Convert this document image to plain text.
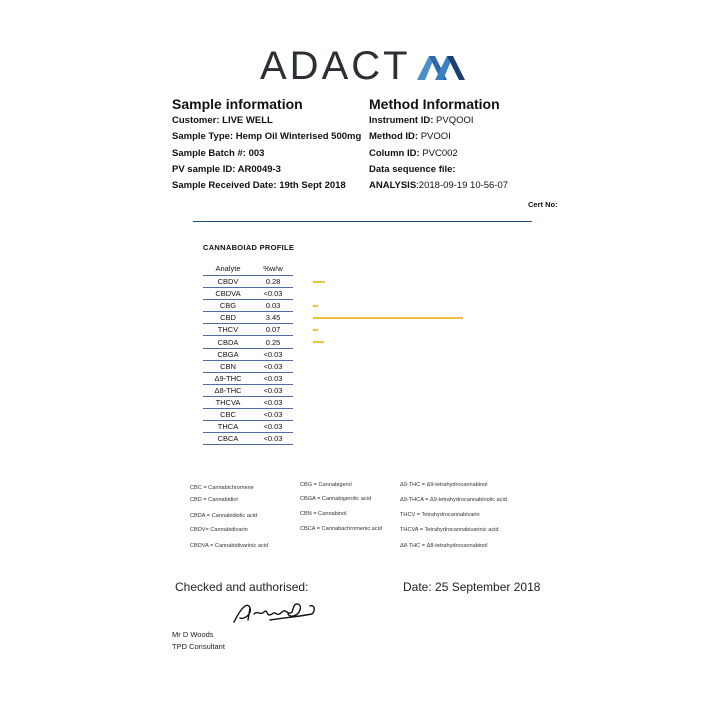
ADACT
Sample information
Customer: LIVE WELL
Sample Type: Hemp Oil Winterised 500mg
Sample Batch #: 003
PV sample ID: AR0049-3
Sample Received Date: 19th Sept 2018
Method Information
Instrument ID: PVQOOI
Method ID: PVOOI
Column ID: PVC002
Data sequence file:
ANALYSIS:2018-09-19 10-56-07
Cert No:
CANNABOIAD PROFILE
Analyte	%w/w
CBDV	0.28
CBDVA	<0.03
CBG	0.03
CBD	3.45
THCV	0.07
CBDA	0.25
CBGA	<0.03
CBN	<0.03
Δ9-THC	<0.03
Δ8-THC	<0.03
THCVA	<0.03
CBC	<0.03
THCA	<0.03
CBCA	<0.03
CBC = Cannabichromene
CBD = Cannabidiol
CBDA = Cannabidiolic acid
CBDV= Cannabidivarin
CBDVA = Cannabidivarinic acid
CBG = Cannabigerol
CBGA = Cannabigerolic acid
CBN = Cannabinol
CBCA = Cannabachromenic acid
Δ9-THC = Δ9-tetrahydrocannabinol
Δ9-THCA = Δ9-tetrahydrocannabinolic acid
THCV = Tetrahydrocannabivarin
THCVA = Tetrahydrocannabivarinic acid
Δ8-THC = Δ8-tetrahydrocannabinol
Checked and authorised:	Date: 25 September 2018
Mr D Woods
TPD Consultant
